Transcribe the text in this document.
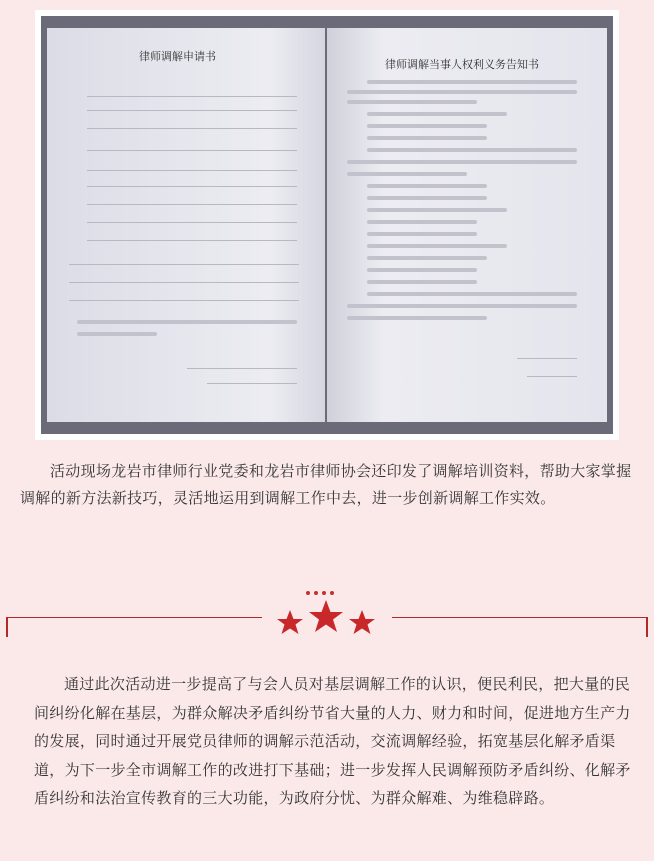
律师调解申请书
律师调解当事人权利义务告知书

活动现场龙岩市律师行业党委和龙岩市律师协会还印发了调解培训资料，帮助大家掌握调解的新方法新技巧，灵活地运用到调解工作中去，进一步创新调解工作实效。

通过此次活动进一步提高了与会人员对基层调解工作的认识，便民利民，把大量的民间纠纷化解在基层，为群众解决矛盾纠纷节省大量的人力、财力和时间，促进地方生产力的发展，同时通过开展党员律师的调解示范活动，交流调解经验，拓宽基层化解矛盾渠道，为下一步全市调解工作的改进打下基础；进一步发挥人民调解预防矛盾纠纷、化解矛盾纠纷和法治宣传教育的三大功能，为政府分忧、为群众解难、为维稳辟路。
